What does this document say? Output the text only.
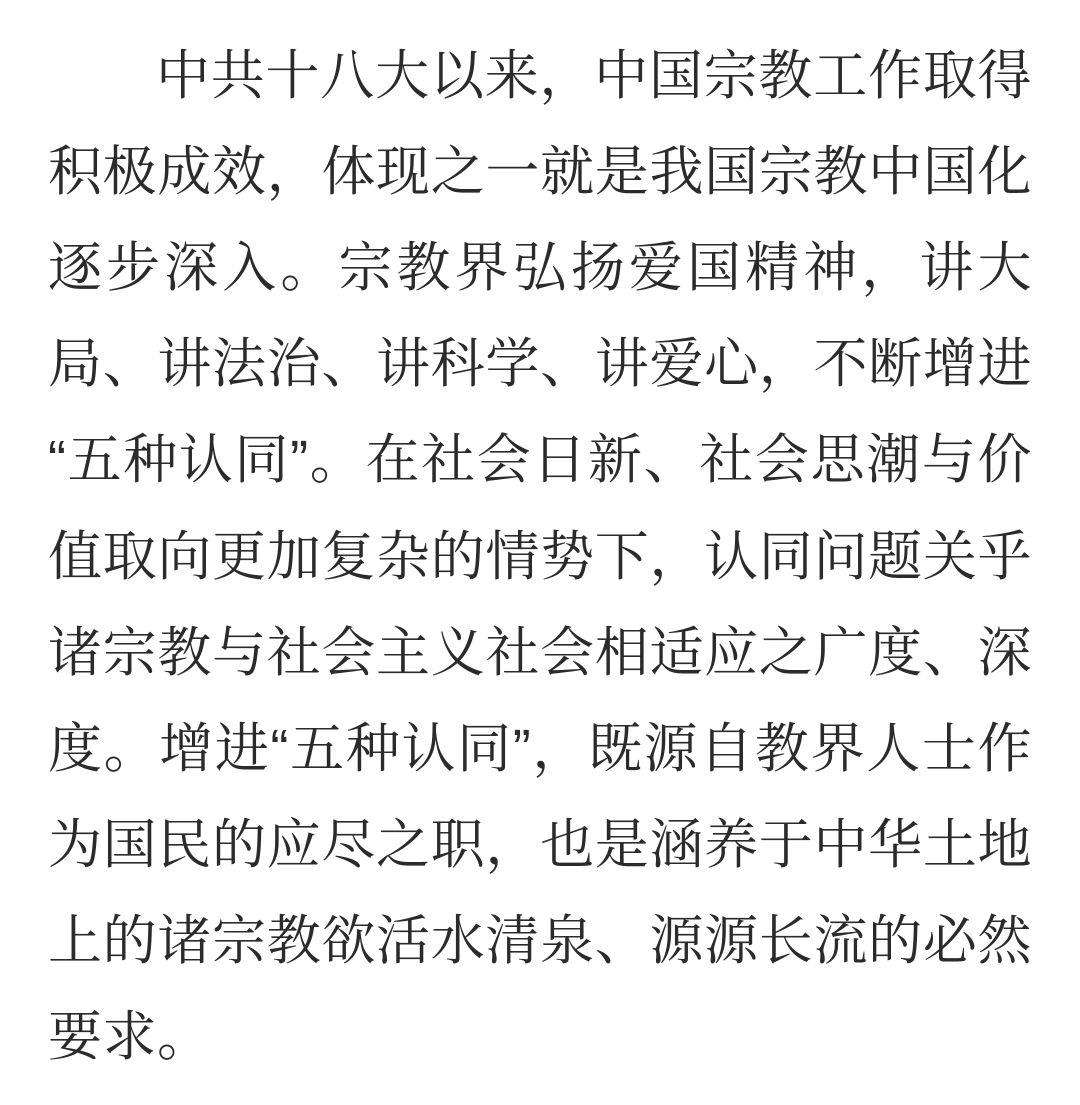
中共十八大以来，中国宗教工作取得积极成效，体现之一就是我国宗教中国化逐步深入。宗教界弘扬爱国精神，讲大局、讲法治、讲科学、讲爱心，不断增进“五种认同”。在社会日新、社会思潮与价值取向更加复杂的情势下，认同问题关乎诸宗教与社会主义社会相适应之广度、深度。增进“五种认同”，既源自教界人士作为国民的应尽之职，也是涵养于中华土地上的诸宗教欲活水清泉、源源长流的必然要求。
